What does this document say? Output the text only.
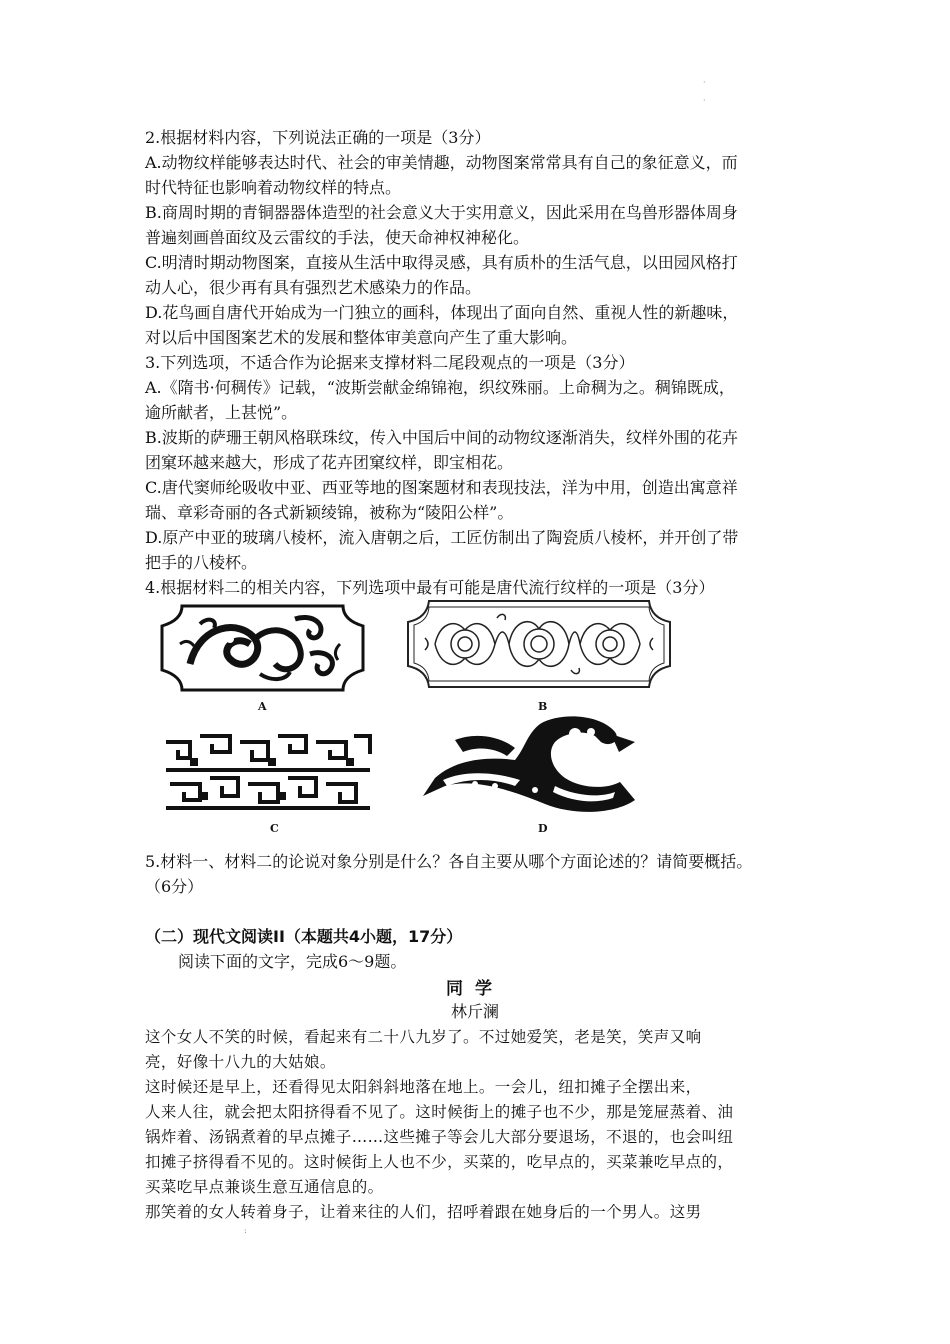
·
·
2.根据材料内容，下列说法正确的一项是（3分）
A.动物纹样能够表达时代、社会的审美情趣，动物图案常常具有自己的象征意义，而
时代特征也影响着动物纹样的特点。
B.商周时期的青铜器器体造型的社会意义大于实用意义，因此采用在鸟兽形器体周身
普遍刻画兽面纹及云雷纹的手法，使天命神权神秘化。
C.明清时期动物图案，直接从生活中取得灵感，具有质朴的生活气息，以田园风格打
动人心，很少再有具有强烈艺术感染力的作品。
D.花鸟画自唐代开始成为一门独立的画科，体现出了面向自然、重视人性的新趣味，
对以后中国图案艺术的发展和整体审美意向产生了重大影响。
3.下列选项，不适合作为论据来支撑材料二尾段观点的一项是（3分）
A.《隋书·何稠传》记载，“波斯尝献金绵锦袍，织纹殊丽。上命稠为之。稠锦既成，
逾所献者，上甚悦”。
B.波斯的萨珊王朝风格联珠纹，传入中国后中间的动物纹逐渐消失，纹样外围的花卉
团窠环越来越大，形成了花卉团窠纹样，即宝相花。
C.唐代窦师纶吸收中亚、西亚等地的图案题材和表现技法，洋为中用，创造出寓意祥
瑞、章彩奇丽的各式新颖绫锦，被称为“陵阳公样”。
D.原产中亚的玻璃八棱杯，流入唐朝之后，工匠仿制出了陶瓷质八棱杯，并开创了带
把手的八棱杯。
4.根据材料二的相关内容，下列选项中最有可能是唐代流行纹样的一项是（3分）
A	B
C	D
5.材料一、材料二的论说对象分别是什么？各自主要从哪个方面论述的？请简要概括。
（6分）
（二）现代文阅读II（本题共4小题，17分）
阅读下面的文字，完成6～9题。
同学
林斤澜
这个女人不笑的时候，看起来有二十八九岁了。不过她爱笑，老是笑，笑声又响
亮，好像十八九的大姑娘。
这时候还是早上，还看得见太阳斜斜地落在地上。一会儿，纽扣摊子全摆出来，
人来人往，就会把太阳挤得看不见了。这时候街上的摊子也不少，那是笼屉蒸着、油
锅炸着、汤锅煮着的早点摊子……这些摊子等会儿大部分要退场，不退的，也会叫纽
扣摊子挤得看不见的。这时候街上人也不少，买菜的，吃早点的，买菜兼吃早点的，
买菜吃早点兼谈生意互通信息的。
那笑着的女人转着身子，让着来往的人们，招呼着跟在她身后的一个男人。这男
:
